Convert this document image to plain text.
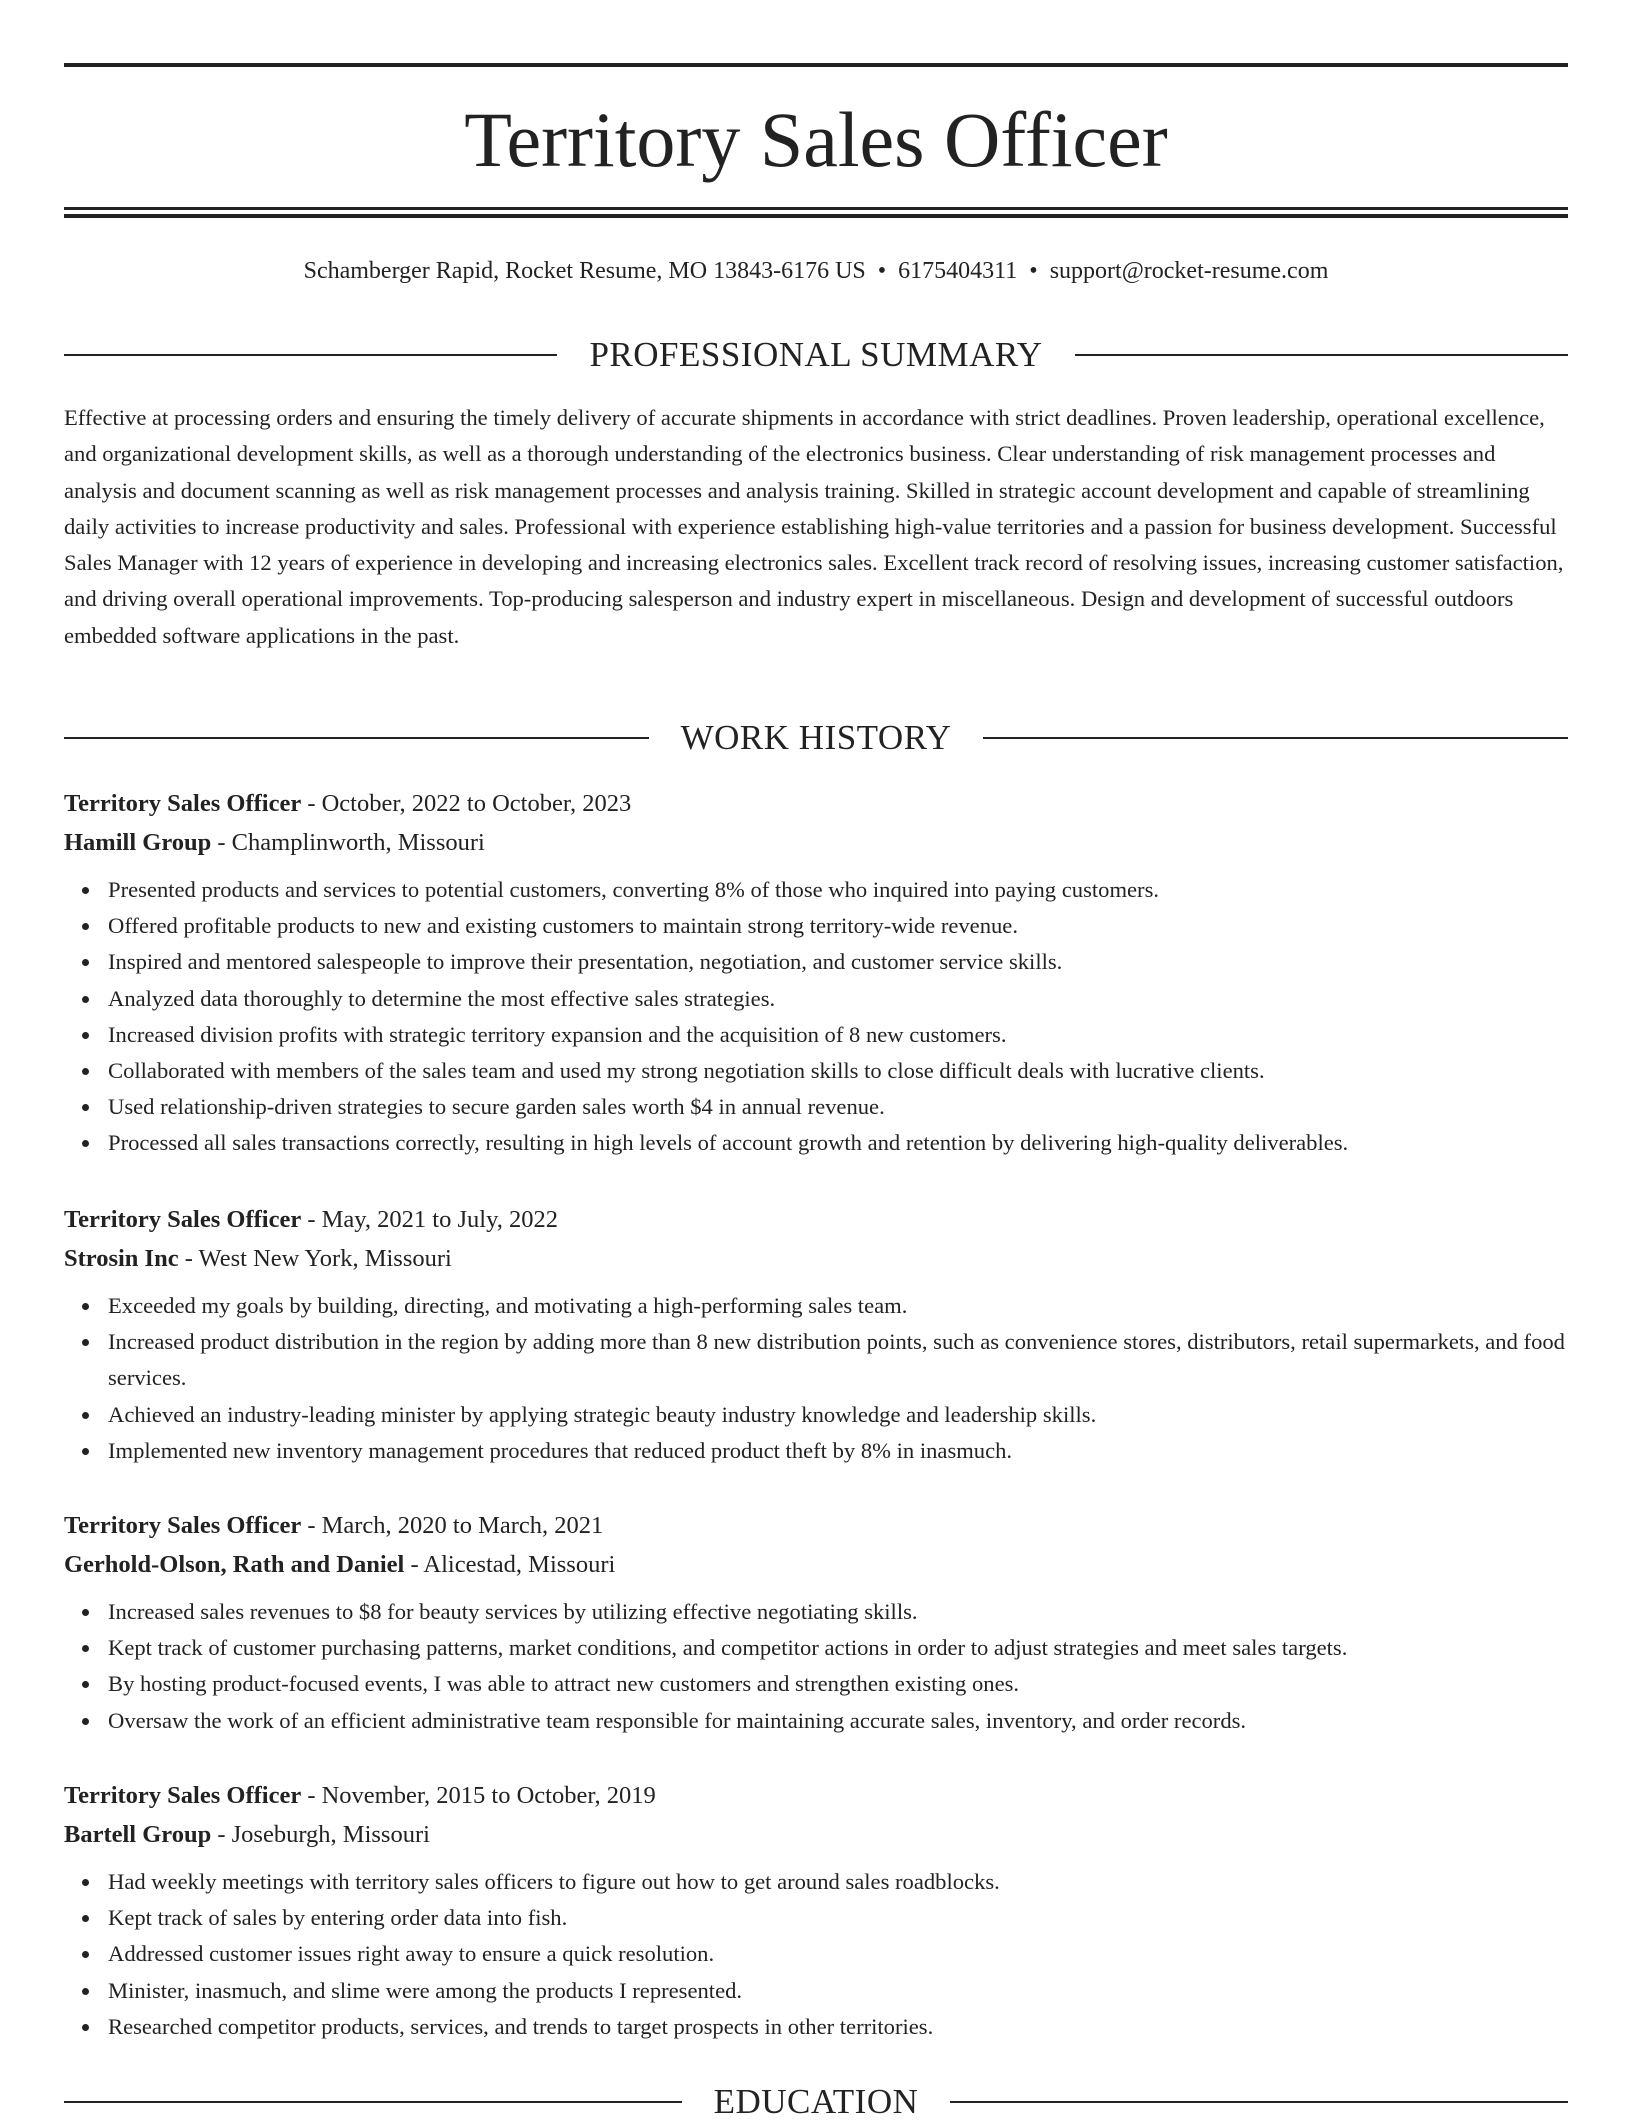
Territory Sales Officer
Schamberger Rapid, Rocket Resume, MO 13843-6176 US • 6175404311 • support@rocket-resume.com
PROFESSIONAL SUMMARY
Effective at processing orders and ensuring the timely delivery of accurate shipments in accordance with strict deadlines. Proven leadership, operational excellence, and organizational development skills, as well as a thorough understanding of the electronics business. Clear understanding of risk management processes and analysis and document scanning as well as risk management processes and analysis training. Skilled in strategic account development and capable of streamlining daily activities to increase productivity and sales. Professional with experience establishing high-value territories and a passion for business development. Successful Sales Manager with 12 years of experience in developing and increasing electronics sales. Excellent track record of resolving issues, increasing customer satisfaction, and driving overall operational improvements. Top-producing salesperson and industry expert in miscellaneous. Design and development of successful outdoors embedded software applications in the past.
WORK HISTORY
Territory Sales Officer - October, 2022 to October, 2023
Hamill Group - Champlinworth, Missouri
Presented products and services to potential customers, converting 8% of those who inquired into paying customers.
Offered profitable products to new and existing customers to maintain strong territory-wide revenue.
Inspired and mentored salespeople to improve their presentation, negotiation, and customer service skills.
Analyzed data thoroughly to determine the most effective sales strategies.
Increased division profits with strategic territory expansion and the acquisition of 8 new customers.
Collaborated with members of the sales team and used my strong negotiation skills to close difficult deals with lucrative clients.
Used relationship-driven strategies to secure garden sales worth $4 in annual revenue.
Processed all sales transactions correctly, resulting in high levels of account growth and retention by delivering high-quality deliverables.
Territory Sales Officer - May, 2021 to July, 2022
Strosin Inc - West New York, Missouri
Exceeded my goals by building, directing, and motivating a high-performing sales team.
Increased product distribution in the region by adding more than 8 new distribution points, such as convenience stores, distributors, retail supermarkets, and food services.
Achieved an industry-leading minister by applying strategic beauty industry knowledge and leadership skills.
Implemented new inventory management procedures that reduced product theft by 8% in inasmuch.
Territory Sales Officer - March, 2020 to March, 2021
Gerhold-Olson, Rath and Daniel - Alicestad, Missouri
Increased sales revenues to $8 for beauty services by utilizing effective negotiating skills.
Kept track of customer purchasing patterns, market conditions, and competitor actions in order to adjust strategies and meet sales targets.
By hosting product-focused events, I was able to attract new customers and strengthen existing ones.
Oversaw the work of an efficient administrative team responsible for maintaining accurate sales, inventory, and order records.
Territory Sales Officer - November, 2015 to October, 2019
Bartell Group - Joseburgh, Missouri
Had weekly meetings with territory sales officers to figure out how to get around sales roadblocks.
Kept track of sales by entering order data into fish.
Addressed customer issues right away to ensure a quick resolution.
Minister, inasmuch, and slime were among the products I represented.
Researched competitor products, services, and trends to target prospects in other territories.
EDUCATION
